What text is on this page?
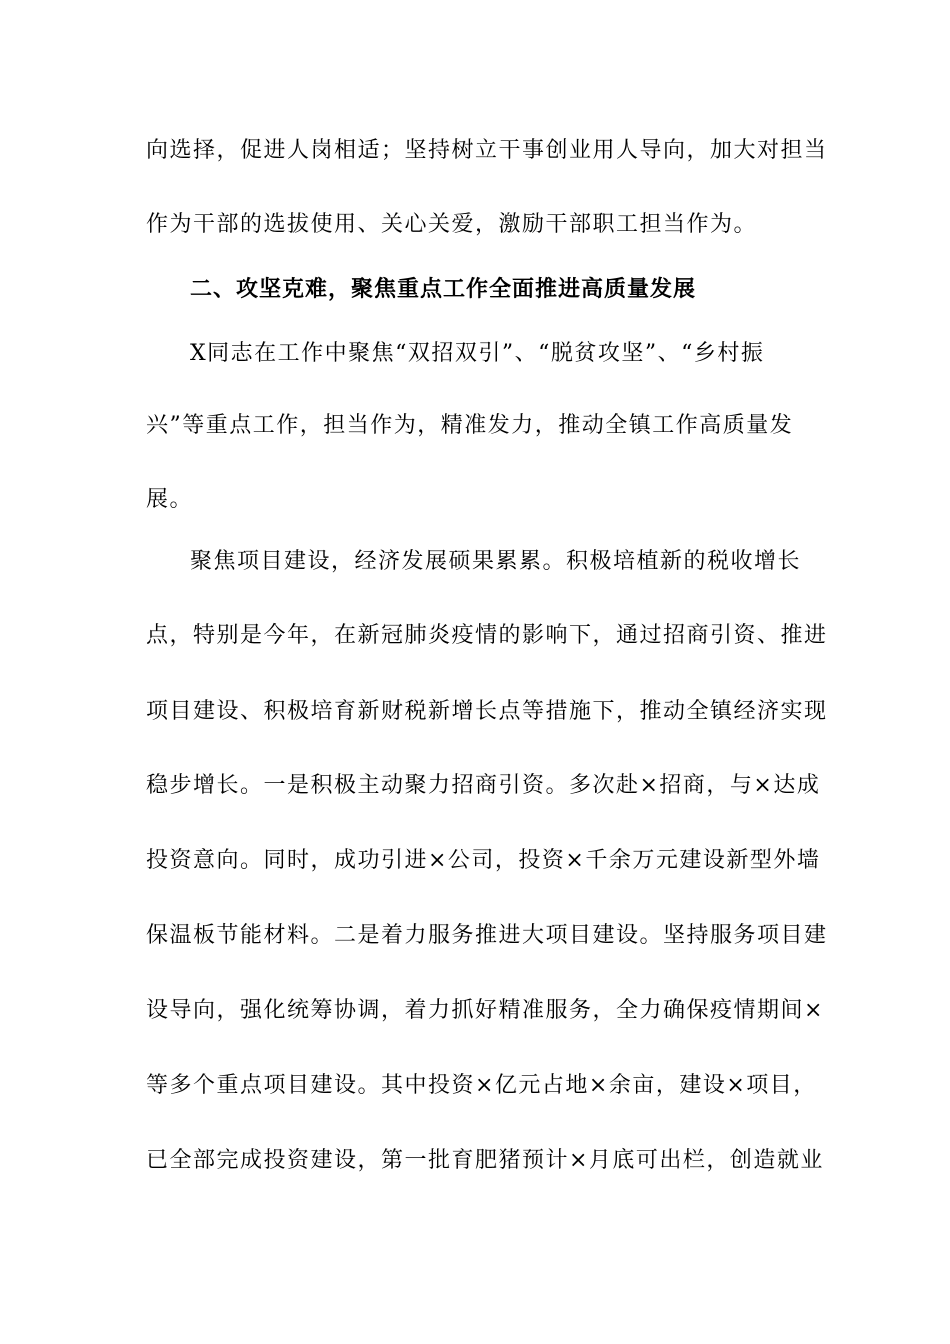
向选择，促进人岗相适；坚持树立干事创业用人导向，加大对担当
作为干部的选拔使用、关心关爱，激励干部职工担当作为。
二、攻坚克难，聚焦重点工作全面推进高质量发展
X同志在工作中聚焦“双招双引”、“脱贫攻坚”、“乡村振
兴”等重点工作，担当作为，精准发力，推动全镇工作高质量发
展。
聚焦项目建设，经济发展硕果累累。积极培植新的税收增长
点，特别是今年，在新冠肺炎疫情的影响下，通过招商引资、推进
项目建设、积极培育新财税新增长点等措施下，推动全镇经济实现
稳步增长。一是积极主动聚力招商引资。多次赴×招商，与×达成
投资意向。同时，成功引进×公司，投资×千余万元建设新型外墙
保温板节能材料。二是着力服务推进大项目建设。坚持服务项目建
设导向，强化统筹协调，着力抓好精准服务，全力确保疫情期间×
等多个重点项目建设。其中投资×亿元占地×余亩，建设×项目，
已全部完成投资建设，第一批育肥猪预计×月底可出栏，创造就业
